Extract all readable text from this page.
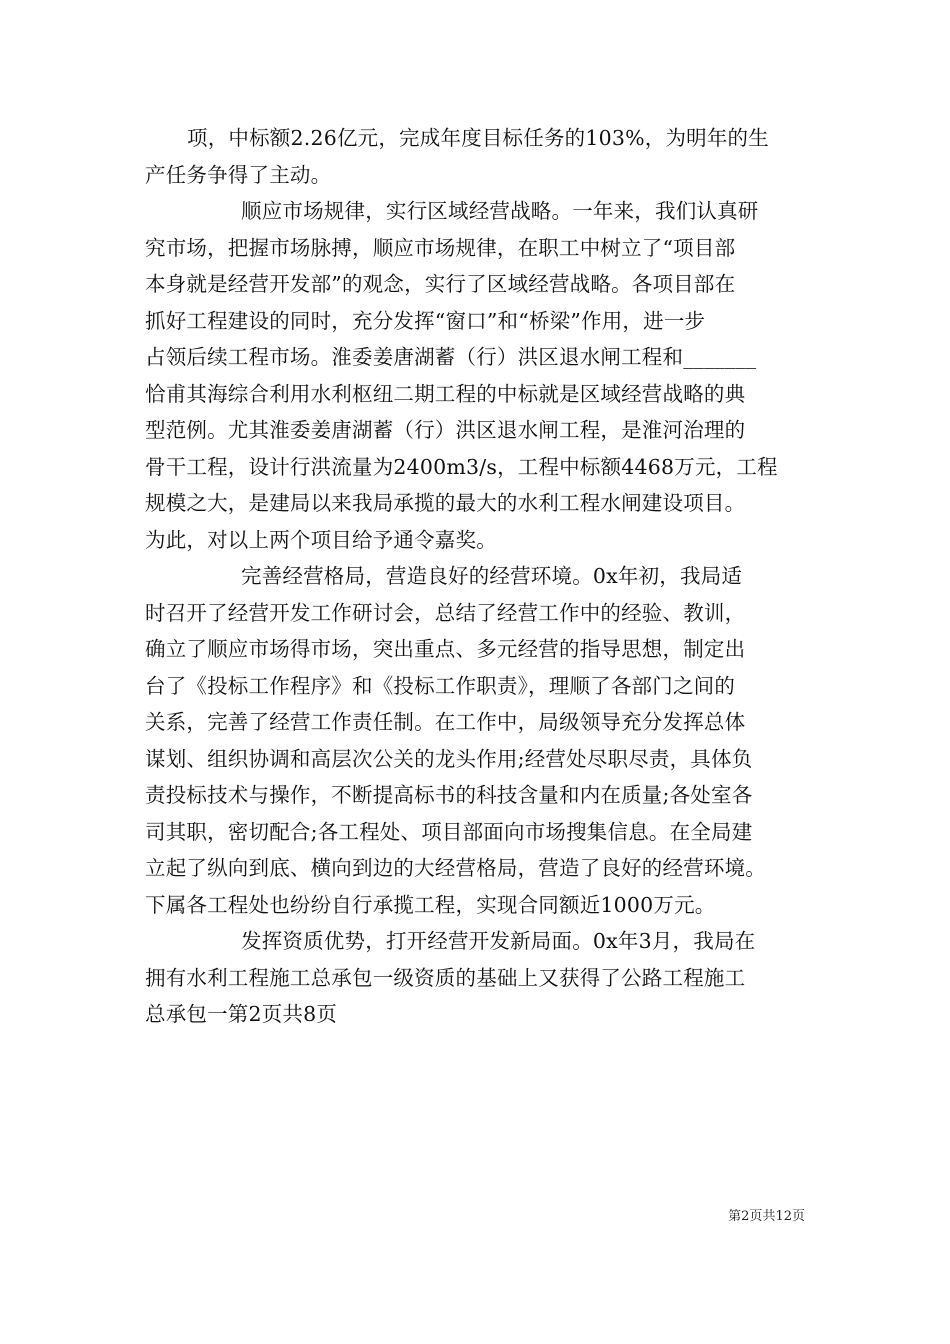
项，中标额2.26亿元，完成年度目标任务的103%，为明年的生
产任务争得了主动。
顺应市场规律，实行区域经营战略。一年来，我们认真研
究市场，把握市场脉搏，顺应市场规律，在职工中树立了“项目部
本身就是经营开发部”的观念，实行了区域经营战略。各项目部在
抓好工程建设的同时，充分发挥“窗口”和“桥梁”作用，进一步
占领后续工程市场。淮委姜唐湖蓄（行）洪区退水闸工程和_______
恰甫其海综合利用水利枢纽二期工程的中标就是区域经营战略的典
型范例。尤其淮委姜唐湖蓄（行）洪区退水闸工程，是淮河治理的
骨干工程，设计行洪流量为2400m3/s，工程中标额4468万元，工程
规模之大，是建局以来我局承揽的最大的水利工程水闸建设项目。
为此，对以上两个项目给予通令嘉奖。
完善经营格局，营造良好的经营环境。0x年初，我局适
时召开了经营开发工作研讨会，总结了经营工作中的经验、教训，
确立了顺应市场得市场，突出重点、多元经营的指导思想，制定出
台了《投标工作程序》和《投标工作职责》，理顺了各部门之间的
关系，完善了经营工作责任制。在工作中，局级领导充分发挥总体
谋划、组织协调和高层次公关的龙头作用;经营处尽职尽责，具体负
责投标技术与操作，不断提高标书的科技含量和内在质量;各处室各
司其职，密切配合;各工程处、项目部面向市场搜集信息。在全局建
立起了纵向到底、横向到边的大经营格局，营造了良好的经营环境。
下属各工程处也纷纷自行承揽工程，实现合同额近1000万元。
发挥资质优势，打开经营开发新局面。0x年3月，我局在
拥有水利工程施工总承包一级资质的基础上又获得了公路工程施工
总承包一第2页共8页
第2页共12页
